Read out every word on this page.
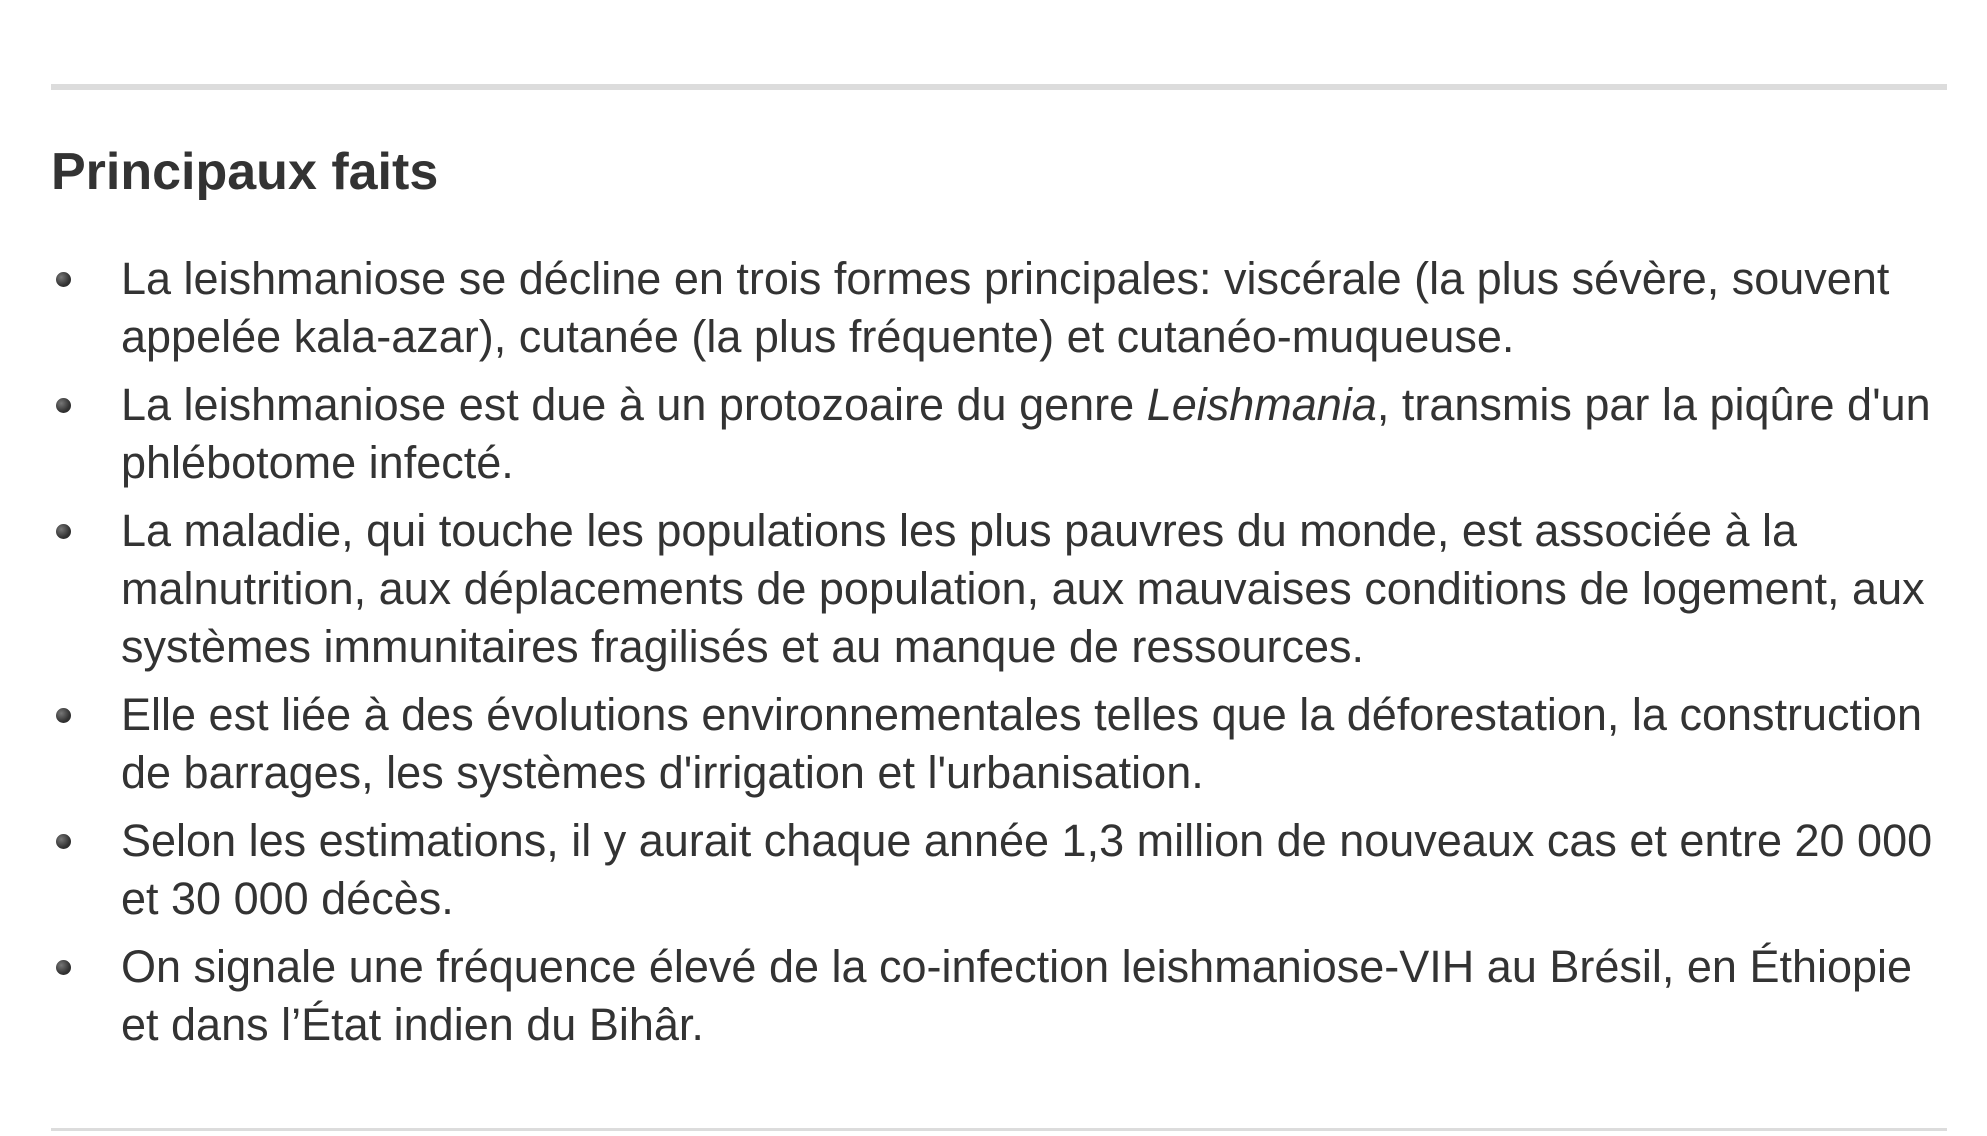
Principaux faits
La leishmaniose se décline en trois formes principales: viscérale (la plus sévère, souvent appelée kala-azar), cutanée (la plus fréquente) et cutanéo-muqueuse.
La leishmaniose est due à un protozoaire du genre Leishmania, transmis par la piqûre d'un phlébotome infecté.
La maladie, qui touche les populations les plus pauvres du monde, est associée à la malnutrition, aux déplacements de population, aux mauvaises conditions de logement, aux systèmes immunitaires fragilisés et au manque de ressources.
Elle est liée à des évolutions environnementales telles que la déforestation, la construction de barrages, les systèmes d'irrigation et l'urbanisation.
Selon les estimations, il y aurait chaque année 1,3 million de nouveaux cas et entre 20 000 et 30 000 décès.
On signale une fréquence élevé de la co-infection leishmaniose-VIH au Brésil, en Éthiopie et dans l’État indien du Bihâr.
